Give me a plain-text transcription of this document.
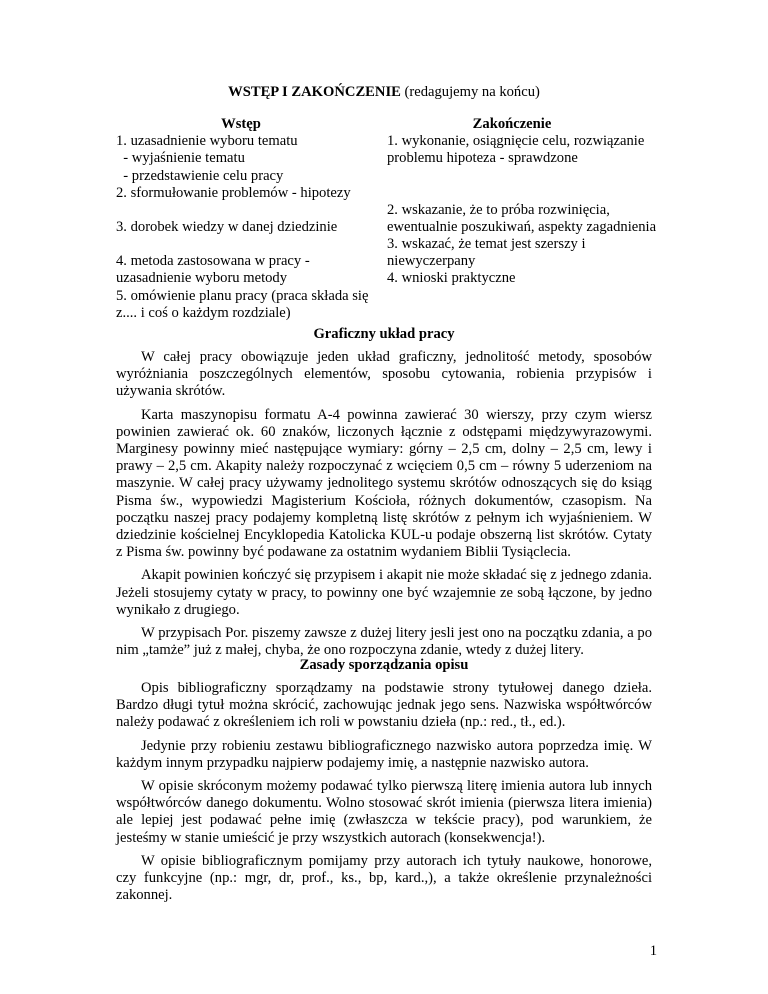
WSTĘP I ZAKOŃCZENIE (redagujemy na końcu)

Wstęp

1. uzasadnienie wyboru tematu

- wyjaśnienie tematu

- przedstawienie celu pracy

2. sformułowanie problemów - hipotezy

3. dorobek wiedzy w danej dziedzinie

4. metoda zastosowana w pracy -

uzasadnienie wyboru metody

5. omówienie planu pracy (praca składa się

z.... i coś o każdym rozdziale)

Zakończenie

1. wykonanie, osiągnięcie celu, rozwiązanie

problemu hipoteza - sprawdzone

2. wskazanie, że to próba rozwinięcia,

ewentualnie poszukiwań, aspekty zagadnienia

3. wskazać, że temat jest szerszy i

niewyczerpany

4. wnioski praktyczne

Graficzny układ pracy

W całej pracy obowiązuje jeden układ graficzny, jednolitość metody, sposobów wyróżniania poszczególnych elementów, sposobu cytowania, robienia przypisów i używania skrótów.

Karta maszynopisu formatu A-4 powinna zawierać 30 wierszy, przy czym wiersz powinien zawierać ok. 60 znaków, liczonych łącznie z odstępami międzywyrazowymi. Marginesy powinny mieć następujące wymiary: górny – 2,5 cm, dolny – 2,5 cm, lewy i prawy – 2,5 cm. Akapity należy rozpoczynać z wcięciem 0,5 cm – równy 5 uderzeniom na maszynie. W całej pracy używamy jednolitego systemu skrótów odnoszących się do ksiąg Pisma św., wypowiedzi Magisterium Kościoła, różnych dokumentów, czasopism. Na początku naszej pracy podajemy kompletną listę skrótów z pełnym ich wyjaśnieniem. W dziedzinie kościelnej Encyklopedia Katolicka KUL-u podaje obszerną list skrótów. Cytaty z Pisma św. powinny być podawane za ostatnim wydaniem Biblii Tysiąclecia.

Akapit powinien kończyć się przypisem i akapit nie może składać się z jednego zdania. Jeżeli stosujemy cytaty w pracy, to powinny one być wzajemnie ze sobą łączone, by jedno wynikało z drugiego.

W przypisach Por. piszemy zawsze z dużej litery jesli jest ono na początku zdania, a po nim „tamże” już z małej, chyba, że ono rozpoczyna zdanie, wtedy z dużej litery.

Zasady sporządzania opisu

Opis bibliograficzny sporządzamy na podstawie strony tytułowej danego dzieła. Bardzo długi tytuł można skrócić, zachowując jednak jego sens. Nazwiska współtwórców należy podawać z określeniem ich roli w powstaniu dzieła (np.: red., tł., ed.).

Jedynie przy robieniu zestawu bibliograficznego nazwisko autora poprzedza imię. W każdym innym przypadku najpierw podajemy imię, a następnie nazwisko autora.

W opisie skróconym możemy podawać tylko pierwszą literę imienia autora lub innych współtwórców danego dokumentu. Wolno stosować skrót imienia (pierwsza litera imienia) ale lepiej jest podawać pełne imię (zwłaszcza w tekście pracy), pod warunkiem, że jesteśmy w stanie umieścić je przy wszystkich autorach (konsekwencja!).

W opisie bibliograficznym pomijamy przy autorach ich tytuły naukowe, honorowe, czy funkcyjne (np.: mgr, dr, prof., ks., bp, kard.,), a także określenie przynależności zakonnej.

1
